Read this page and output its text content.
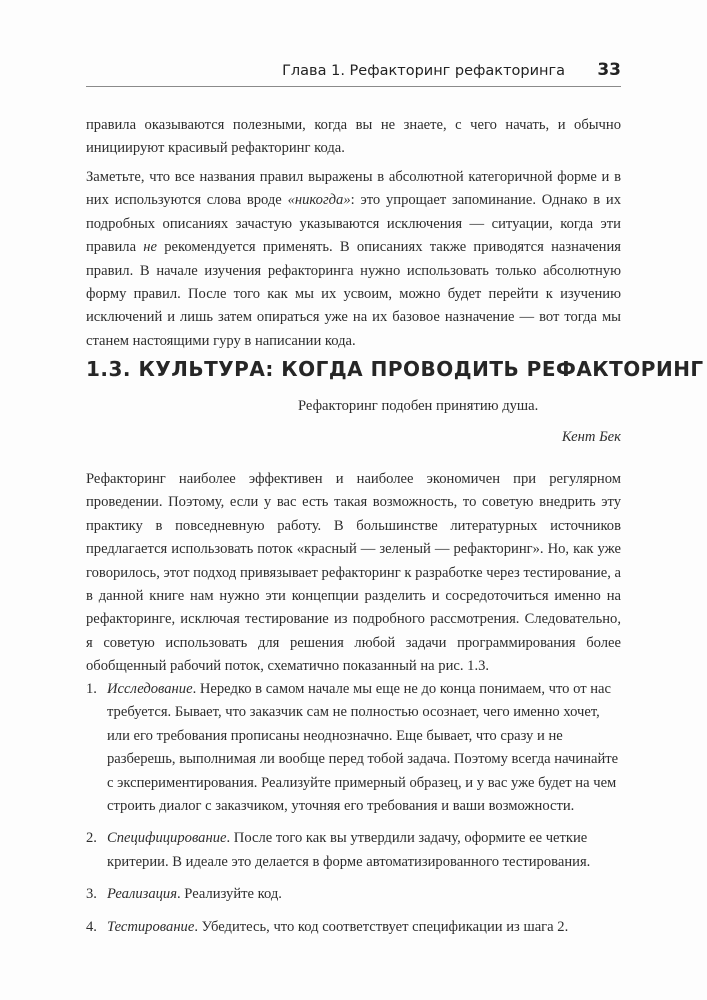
Глава 1. Рефакторинг рефакторинга 33

правила оказываются полезными, когда вы не знаете, с чего начать, и обычно инициируют красивый рефакторинг кода.

Заметьте, что все названия правил выражены в абсолютной категоричной форме и в них используются слова вроде «никогда»: это упрощает запоминание. Однако в их подробных описаниях зачастую указываются исключения — ситуации, когда эти правила не рекомендуется применять. В описаниях также приводятся назначения правил. В начале изучения рефакторинга нужно использовать только абсолютную форму правил. После того как мы их усвоим, можно будет перейти к изучению исключений и лишь затем опираться уже на их базовое назначение — вот тогда мы станем настоящими гуру в написании кода.

1.3. КУЛЬТУРА: КОГДА ПРОВОДИТЬ РЕФАКТОРИНГ
Рефакторинг подобен принятию душа.
Кент Бек

Рефакторинг наиболее эффективен и наиболее экономичен при регулярном проведении. Поэтому, если у вас есть такая возможность, то советую внедрить эту практику в повседневную работу. В большинстве литературных источников предлагается использовать поток «красный — зеленый — рефакторинг». Но, как уже говорилось, этот подход привязывает рефакторинг к разработке через тестирование, а в данной книге нам нужно эти концепции разделить и сосредоточиться именно на рефакторинге, исключая тестирование из подробного рассмотрения. Следовательно, я советую использовать для решения любой задачи программирования более обобщенный рабочий поток, схематично показанный на рис. 1.3.

1. Исследование. Нередко в самом начале мы еще не до конца понимаем, что от нас требуется. Бывает, что заказчик сам не полностью осознает, чего именно хочет, или его требования прописаны неоднозначно. Еще бывает, что сразу и не разберешь, выполнимая ли вообще перед тобой задача. Поэтому всегда начинайте с экспериментирования. Реализуйте примерный образец, и у вас уже будет на чем строить диалог с заказчиком, уточняя его требования и ваши возможности.
2. Специфицирование. После того как вы утвердили задачу, оформите ее четкие критерии. В идеале это делается в форме автоматизированного тестирования.
3. Реализация. Реализуйте код.
4. Тестирование. Убедитесь, что код соответствует спецификации из шага 2.
